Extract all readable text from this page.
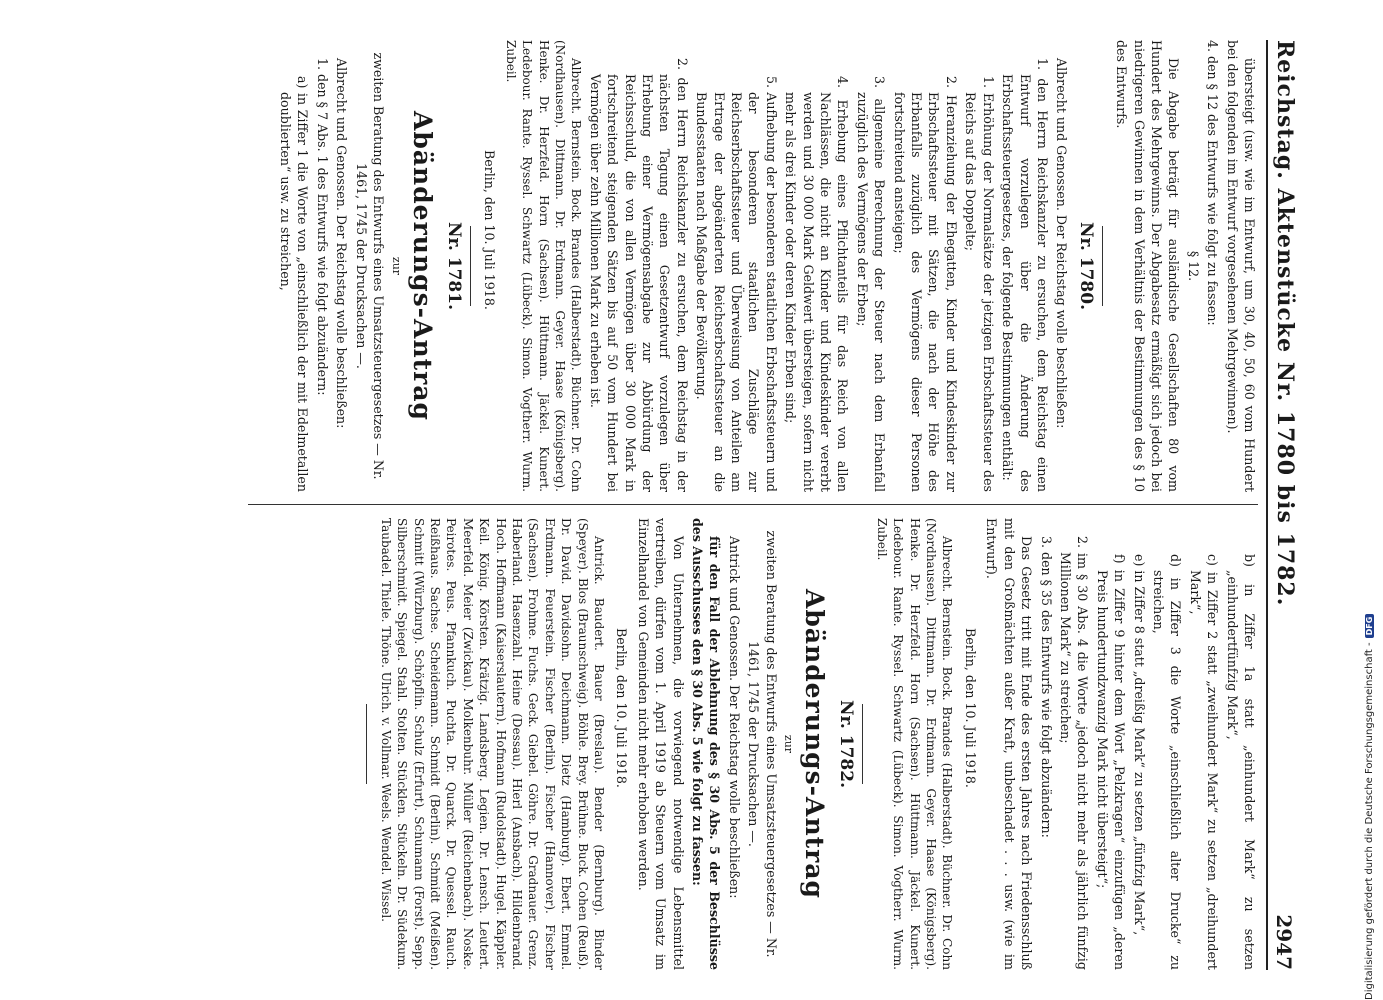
Reichstag. Aktenstücke Nr. 1780 bis 1782.
2947

übersteigt (usw. wie im Entwurf, um 30, 40, 50, 60 vom Hundert bei den folgenden im Entwurf vorgesehenen Mehrgewinnen).

4. den § 12 des Entwurfs wie folgt zu fassen:

§ 12.

Die Abgabe beträgt für ausländische Gesellschaften 80 vom Hundert des Mehrgewinns. Der Abgabesatz ermäßigt sich jedoch bei niedrigeren Gewinnen in dem Verhältnis der Bestimmungen des § 10 des Entwurfs.

Nr. 1780.

Albrecht und Genossen. Der Reichstag wolle beschließen:

1. den Herrn Reichskanzler zu ersuchen, dem Reichstag einen Entwurf vorzulegen über die Änderung des Erbschaftssteuergesetzes, der folgende Bestimmungen enthält:

1. Erhöhung der Normalsätze der jetzigen Erbschaftssteuer des Reichs auf das Doppelte;

2. Heranziehung der Ehegatten, Kinder und Kindeskinder zur Erbschaftssteuer mit Sätzen, die nach der Höhe des Erbanfalls zuzüglich des Vermögens dieser Personen fortschreitend ansteigen;

3. allgemeine Berechnung der Steuer nach dem Erbanfall zuzüglich des Vermögens der Erben;

4. Erhebung eines Pflichtanteils für das Reich von allen Nachlässen, die nicht an Kinder und Kindeskinder vererbt werden und 30 000 Mark Geldwert übersteigen, sofern nicht mehr als drei Kinder oder deren Kinder Erben sind;

5. Aufhebung der besonderen staatlichen Erbschaftssteuern und der besonderen staatlichen Zuschläge zur Reichserbschaftssteuer und Überweisung von Anteilen am Ertrage der abgeänderten Reichserbschaftssteuer an die Bundesstaaten nach Maßgabe der Bevölkerung.

2. den Herrn Reichskanzler zu ersuchen, dem Reichstag in der nächsten Tagung einen Gesetzentwurf vorzulegen über Erhebung einer Vermögensabgabe zur Abbürdung der Reichsschuld, die von allen Vermögen über 30 000 Mark in fortschreitend steigenden Sätzen bis auf 50 vom Hundert bei Vermögen über zehn Millionen Mark zu erheben ist.

Albrecht. Bernstein. Bock. Brandes (Halberstadt). Büchner. Dr. Cohn (Nordhausen). Dittmann. Dr. Erdmann. Geyer. Haase (Königsberg). Henke. Dr. Herzfeld. Horn (Sachsen). Hüttmann. Jäckel. Kunert. Ledebour. Rante. Ryssel. Schwartz (Lübeck). Simon. Vogtherr. Wurm. Zubeil.

Berlin, den 10. Juli 1918.

Nr. 1781.

Abänderungs-Antrag

zur

zweiten Beratung des Entwurfs eines Umsatzsteuergesetzes — Nr. 1461, 1745 der Drucksachen —.

Albrecht und Genossen. Der Reichstag wolle beschließen:

1. den § 7 Abs. 1 des Entwurfs wie folgt abzuändern:

a) in Ziffer 1 die Worte von „einschließlich der mit Edelmetallen doublierten“ usw. zu streichen,

b) in Ziffer 1a statt „einhundert Mark“ zu setzen „einhundertfünfzig Mark“,

c) in Ziffer 2 statt „zweihundert Mark“ zu setzen „dreihundert Mark“,

d) in Ziffer 3 die Worte „einschließlich alter Drucke“ zu streichen,

e) in Ziffer 8 statt „dreißig Mark“ zu setzen „fünfzig Mark“,

f) in Ziffer 9 hinter dem Wort „Pelzkragen“ einzufügen „deren Preis hundertundzwanzig Mark nicht übersteigt“;

2. im § 30 Abs. 4 die Worte „jedoch nicht mehr als jährlich fünfzig Millionen Mark“ zu streichen;

3. den § 35 des Entwurfs wie folgt abzuändern:

Das Gesetz tritt mit Ende des ersten Jahres nach Friedensschluß mit den Großmächten außer Kraft, unbeschadet . . . usw. (wie im Entwurf).

Berlin, den 10. Juli 1918.

Albrecht. Bernstein. Bock. Brandes (Halberstadt). Büchner. Dr. Cohn (Nordhausen). Dittmann. Dr. Erdmann. Geyer. Haase (Königsberg). Henke. Dr. Herzfeld. Horn (Sachsen). Hüttmann. Jäckel. Kunert. Ledebour. Rante. Ryssel. Schwartz (Lübeck). Simon. Vogtherr. Wurm. Zubeil.

Nr. 1782.

Abänderungs-Antrag

zur

zweiten Beratung des Entwurfs eines Umsatzsteuergesetzes — Nr. 1461, 1745 der Drucksachen —.

Antrick und Genossen. Der Reichstag wolle beschließen:

für den Fall der Ablehnung des § 30 Abs. 5 der Beschlüsse des Ausschusses den § 30 Abs. 5 wie folgt zu fassen:

Von Unternehmen, die vorwiegend notwendige Lebensmittel vertreiben, dürfen vom 1. April 1919 ab Steuern vom Umsatz im Einzelhandel von Gemeinden nicht mehr erhoben werden.

Berlin, den 10. Juli 1918.

Antrick. Baudert. Bauer (Breslau). Bender (Bernburg). Binder (Speyer). Blos (Braunschweig). Böhle. Brey. Brühne. Buck. Cohen (Reuß). Dr. David. Davidsohn. Deichmann. Dietz (Hamburg). Ebert. Emmel. Erdmann. Feuerstein. Fischer (Berlin). Fischer (Hannover). Fischer (Sachsen). Frohme. Fuchs. Geck. Giebel. Göhre. Dr. Gradnauer. Grenz. Haberland. Hasenzahl. Heine (Dessau). Hierl (Ansbach). Hildenbrand. Hoch. Hoffmann (Kaiserslautern). Hofmann (Rudolstadt). Hugel. Käppler. Keil. König. Körsten. Krätzig. Landsberg. Legien. Dr. Lensch. Leutert. Meerfeld. Meier (Zwickau). Molkenbuhr. Müller (Reichenbach). Noske. Peirotes. Peus. Pfannkuch. Puchta. Dr. Quarck. Dr. Quessel. Rauch. Reißhaus. Sachse. Scheidemann. Schmidt (Berlin). Schmidt (Meißen). Schmitt (Würzburg). Schöpflin. Schulz (Erfurt). Schumann (Forst). Sepp. Silberschmidt. Spiegel. Stahl. Stolten. Stücklen. Stückeln. Dr. Südekum. Taubadel. Thiele. Thöne. Ulrich. v. Vollmar. Weels. Wendel. Wissel.	Digitalisierung gefördert durch die Deutsche Forschungsgemeinschaft -
DFG
